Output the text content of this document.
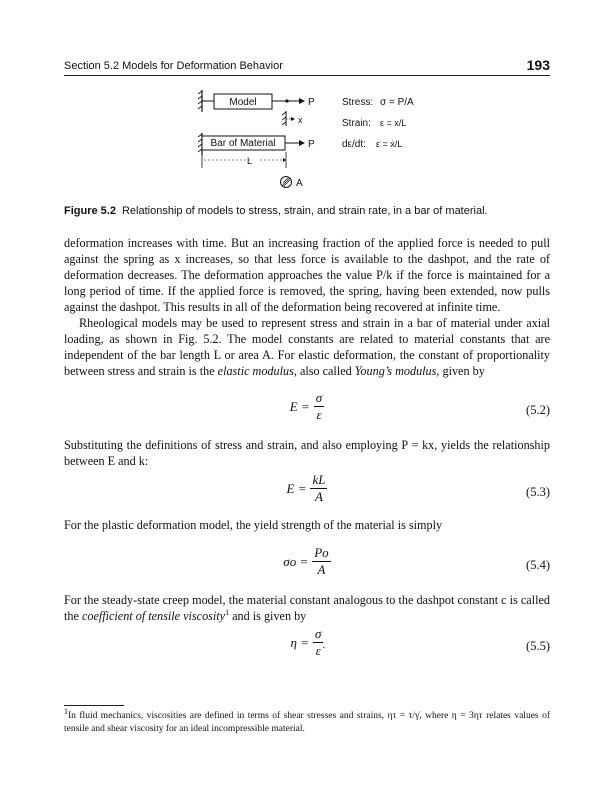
Section 5.2 Models for Deformation Behavior	193
Model	P
x
Bar of Material	P
L
A
Stress: σ = P/A
Strain: ε = x/L
dε/dt: ε̇ = ẋ/L
Figure 5.2 Relationship of models to stress, strain, and strain rate, in a bar of material.

deformation increases with time. But an increasing fraction of the applied force is needed to pull against the spring as x increases, so that less force is available to the dashpot, and the rate of deformation decreases. The deformation approaches the value P/k if the force is maintained for a long period of time. If the applied force is removed, the spring, having been extended, now pulls against the dashpot. This results in all of the deformation being recovered at infinite time.

Rheological models may be used to represent stress and strain in a bar of material under axial loading, as shown in Fig. 5.2. The model constants are related to material constants that are independent of the bar length L or area A. For elastic deformation, the constant of proportionality between stress and strain is the elastic modulus, also called Young’s modulus, given by

$E = \frac{\sigma}{\varepsilon}$	(5.2)

Substituting the definitions of stress and strain, and also employing P = kx, yields the relationship between E and k:

$E = \frac{kL}{A}$	(5.3)

For the plastic deformation model, the yield strength of the material is simply

$\sigma o = \frac{Po}{A}$	(5.4)

For the steady-state creep model, the material constant analogous to the dashpot constant c is called the coefficient of tensile viscosity$^1$ and is given by

$\eta = \frac{\sigma}{\varepsiloṅ}$	(5.5)
$^1$In fluid mechanics, viscosities are defined in terms of shear stresses and strains, ητ = τ/γ̇, where η = 3ητ relates values of tensile and shear viscosity for an ideal incompressible material.
